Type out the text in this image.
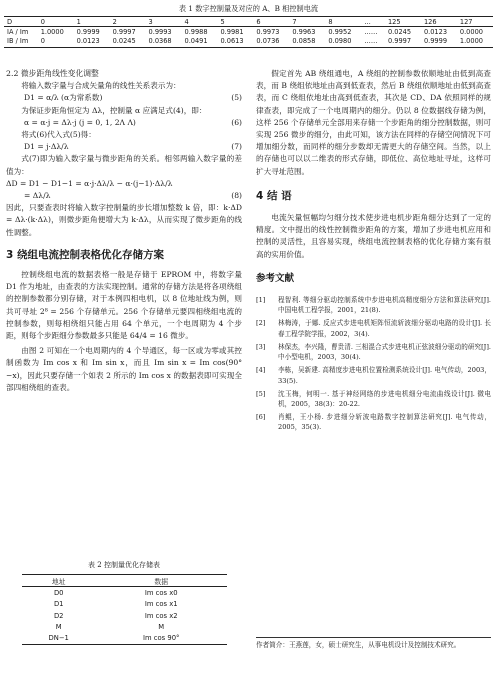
表 1 数字控制量及对应的 A、B 相控制电流
D	0	1	2	3	4	5	6	7	8	…	125	126	127
IA / Im	1.0000	0.9999	0.9997	0.9993	0.9988	0.9981	0.9973	0.9963	0.9952	……	0.0245	0.0123	0.0000
IB / Im	0	0.0123	0.0245	0.0368	0.0491	0.0613	0.0736	0.0858	0.0980	……	0.9997	0.9999	1.0000
2.2 微步距角线性变化调整

将输入数字量与合成矢量角的线性关系表示为：

D1 = α/λ (α为常系数)	(5)

为保证步距角恒定为 Δλ，控制量 α 应满足式(4)，即：

α = α·j = Δλ·j (j = 0, 1, 2Λ Λ)	(6)

将式(6)代入式(5)得：

D1 = j·Δλ/λ	(7)

式(7)即为输入数字量与微步距角的关系。相邻两输入数字量的差值为：

ΔD = D1 − D1−1 = α·j·Δλ/λ − α·(j−1)·Δλ/λ
= Δλ/λ	(8)

因此，只要查表时将输入数字控制量的步长增加整数 k 倍，即：k·ΔD = Δλ·(k·Δλ)，则微步距角便增大为 k·Δλ，从而实现了微步距角的线性调整。

3 绕组电流控制表格优化存储方案

控制绕组电流的数据表格一般是存储于 EPROM 中，将数字量 D1 作为地址，由查表的方法实现控制。通常的存储方法是将各项绕组的控制参数都分别存储，对于本例四相电机，以 8 位地址线为例，则共可寻址 2⁸ = 256 个存储单元。256 个存储单元要四相绕组电流的控制参数，则每相绕组只能占用 64 个单元，一个电周期为 4 个步距，则每个步距细分参数最多只能是 64/4 = 16 微步。

由图 2 可知在一个电周期内的 4 个导通区，每一区或为零或其控制函数为 Im cos x 和 Im sin x，而且 Im sin x = Im cos(90°−x)，因此只要存储一个如表 2 所示的 Im cos x 的数据表即可实现全部四相绕组的查表。

表 2 控制量优化存储表
地址	数据
D0	Im cos x0
D1	Im cos x1
D2	Im cos x2
M	M
DN−1	Im cos 90°

假定首先 AB 绕组通电，A 绕组的控制参数依顺地址由低到高查表，而 B 绕组依地址由高到低查表，然后 B 绕组依顺地址由低到高查表，而 C 绕组依地址由高到低查表，其次是 CD、DA 依照同样的规律查表，即完成了一个电周期内的细分。仍以 8 位数据线存储为例，这样 256 个存储单元全部用来存储一个步距角的细分控制数据，则可实现 256 微步的细分，由此可知，该方法在同样的存储空间情况下可增加细分数，而同样的细分步数却无需更大的存储空间。当然，以上的存储也可以以二维表的形式存储，即低位、高位地址寻址，这样可扩大寻址范围。

4 结 语

电流矢量恒幅均匀细分技术使步进电机步距角细分达到了一定的精度。文中提出的线性控制微步距角的方案，增加了步进电机应用和控制的灵活性，且容易实现，绕组电流控制表格的优化存储方案有很高的实用价值。

参考文献
[1]	程智利. 等细分驱动控制系统中步进电机高精度细分方法和算法研究[J]. 中国电机工程学报，2001，21(8).
[2]	林梅涛，于娜. 反应式步进电机矩阵恒流斩波细分驱动电路的设计[J]. 长春工程学院学报，2002，3(4).
[3]	林保杰，李兴隆，曹贵清. 三相混合式步进电机正弦波细分驱动的研究[J]. 中小型电机，2003，30(4).
[4]	李栋，吴新建. 高精度步进电机位置检测系统设计[J]. 电气传动，2003，33(5).
[5]	沈玉梅，何明一. 基于神经网络的步进电机细分电流曲线设计[J]. 微电机，2005，38(3)：20-22.
[6]	肖鲲，王小杨. 步进细分斩波电路数字控制算法研究[J]. 电气传动，2005，35(3).
作者简介：王燕莲，女，硕士研究生，从事电机设计及控制技术研究。
